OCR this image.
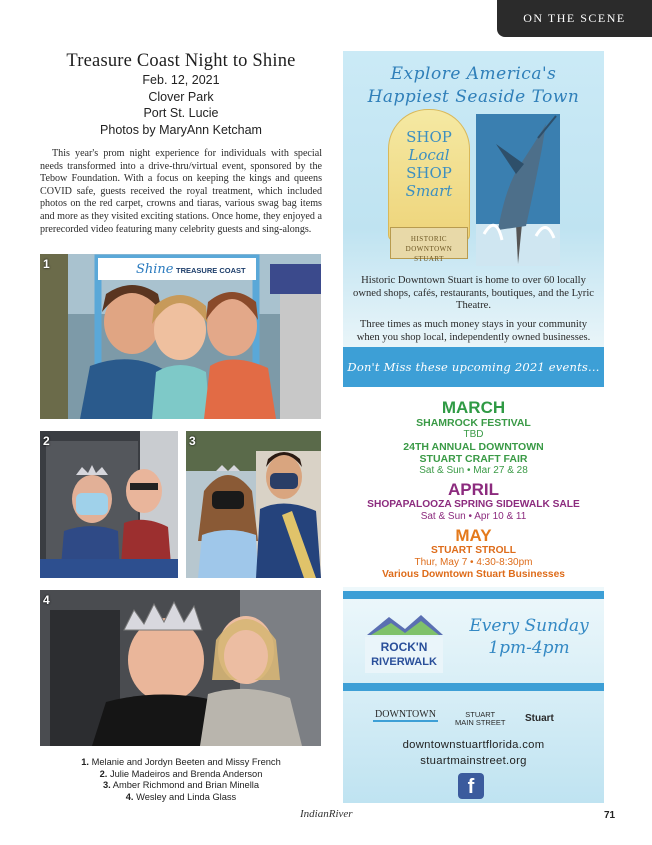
ON THE SCENE
Treasure Coast Night to Shine
Feb. 12, 2021
Clover Park
Port St. Lucie
Photos by MaryAnn Ketcham

This year's prom night experience for individuals with special needs transformed into a drive-thru/virtual event, sponsored by the Tebow Foundation. With a focus on keeping the kings and queens COVID safe, guests received the royal treatment, which included photos on the red carpet, crowns and tiaras, various swag bag items and more as they visited exciting stations. Once home, they enjoyed a prerecorded video featuring many celebrity guests and sing-alongs.

1	TREASURE COAST
Shine
2	3
4
1. Melanie and Jordyn Beeten and Missy French
2. Julie Madeiros and Brenda Anderson
3. Amber Richmond and Brian Minella
4. Wesley and Linda Glass
IndianRiver	71
Explore America's
Happiest Seaside Town
SHOP
Local
SHOP
Smart
HISTORIC
DOWNTOWN STUART
Historic Downtown Stuart is home to over 60 locally owned shops, cafés, restaurants, boutiques, and the Lyric Theatre.
Three times as much money stays in your community when you shop local, independently owned businesses.
Don't Miss these upcoming 2021 events...
MARCH
SHAMROCK FESTIVAL
TBD
24TH ANNUAL DOWNTOWN
STUART CRAFT FAIR
Sat & Sun • Mar 27 & 28
APRIL
SHOPAPALOOZA SPRING SIDEWALK SALE
Sat & Sun • Apr 10 & 11
MAY
STUART STROLL
Thur, May 7 • 4:30-8:30pm
Various Downtown Stuart Businesses
ROCK'N
RIVERWALK
Every Sunday
1pm-4pm
DOWNTOWN	STUART
MAIN STREET Stuart
downtownstuartflorida.com
stuartmainstreet.org
f
